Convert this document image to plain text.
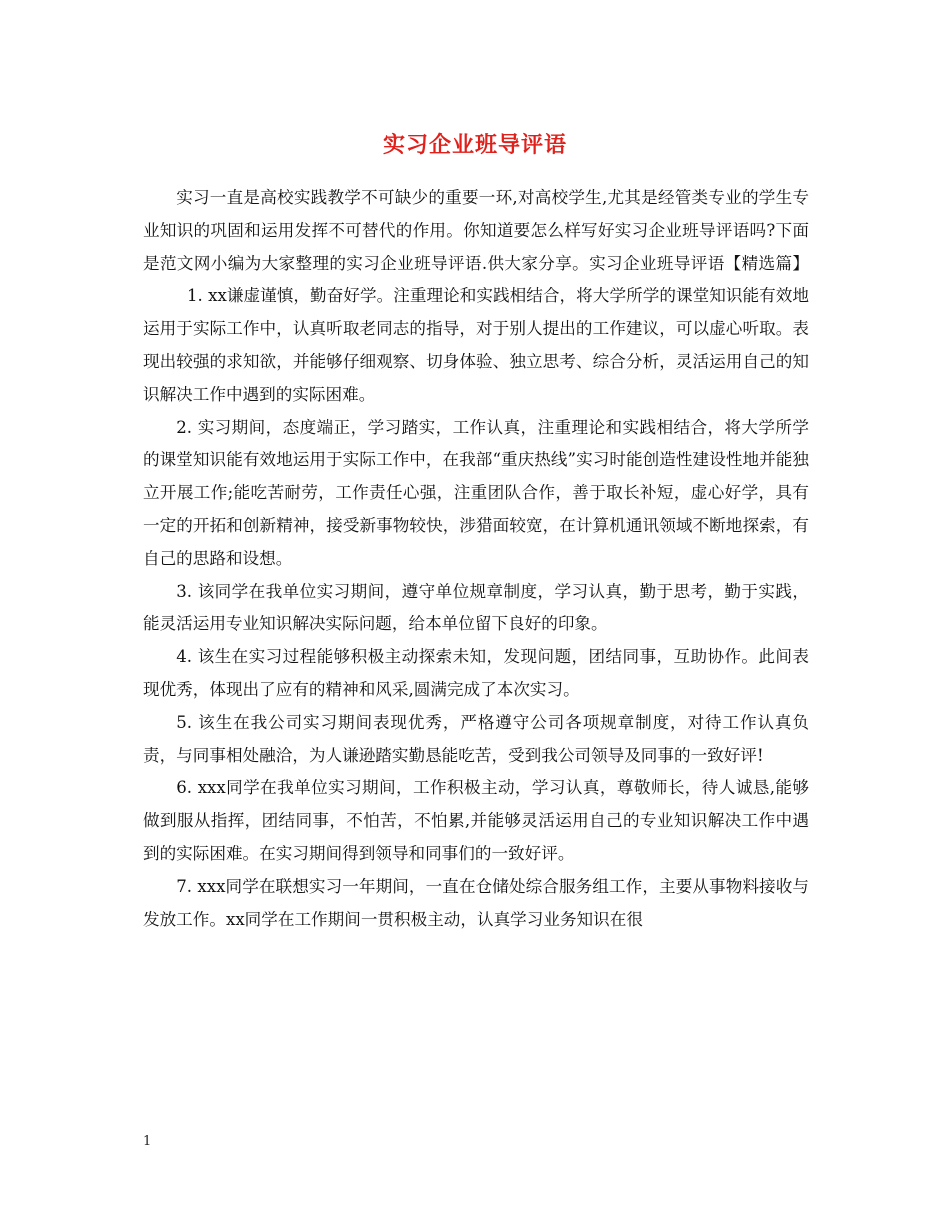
实习企业班导评语

实习一直是高校实践教学不可缺少的重要一环,对高校学生,尤其是经管类专业的学生专业知识的巩固和运用发挥不可替代的作用。你知道要怎么样写好实习企业班导评语吗?下面是范文网小编为大家整理的实习企业班导评语.供大家分享。实习企业班导评语【精选篇】1. xx谦虚谨慎，勤奋好学。注重理论和实践相结合，将大学所学的课堂知识能有效地运用于实际工作中，认真听取老同志的指导，对于别人提出的工作建议，可以虚心听取。表现出较强的求知欲，并能够仔细观察、切身体验、独立思考、综合分析，灵活运用自己的知识解决工作中遇到的实际困难。

2. 实习期间，态度端正，学习踏实，工作认真，注重理论和实践相结合，将大学所学的课堂知识能有效地运用于实际工作中，在我部“重庆热线”实习时能创造性建设性地并能独立开展工作;能吃苦耐劳，工作责任心强，注重团队合作，善于取长补短，虚心好学，具有一定的开拓和创新精神，接受新事物较快，涉猎面较宽，在计算机通讯领域不断地探索，有自己的思路和设想。

3. 该同学在我单位实习期间，遵守单位规章制度，学习认真，勤于思考，勤于实践，能灵活运用专业知识解决实际问题，给本单位留下良好的印象。

4. 该生在实习过程能够积极主动探索未知，发现问题，团结同事，互助协作。此间表现优秀，体现出了应有的精神和风采,圆满完成了本次实习。

5. 该生在我公司实习期间表现优秀，严格遵守公司各项规章制度，对待工作认真负责，与同事相处融洽，为人谦逊踏实勤恳能吃苦，受到我公司领导及同事的一致好评!

6. xxx同学在我单位实习期间，工作积极主动，学习认真，尊敬师长，待人诚恳,能够做到服从指挥，团结同事，不怕苦，不怕累,并能够灵活运用自己的专业知识解决工作中遇到的实际困难。在实习期间得到领导和同事们的一致好评。

7. xxx同学在联想实习一年期间，一直在仓储处综合服务组工作，主要从事物料接收与发放工作。xx同学在工作期间一贯积极主动，认真学习业务知识在很

1
